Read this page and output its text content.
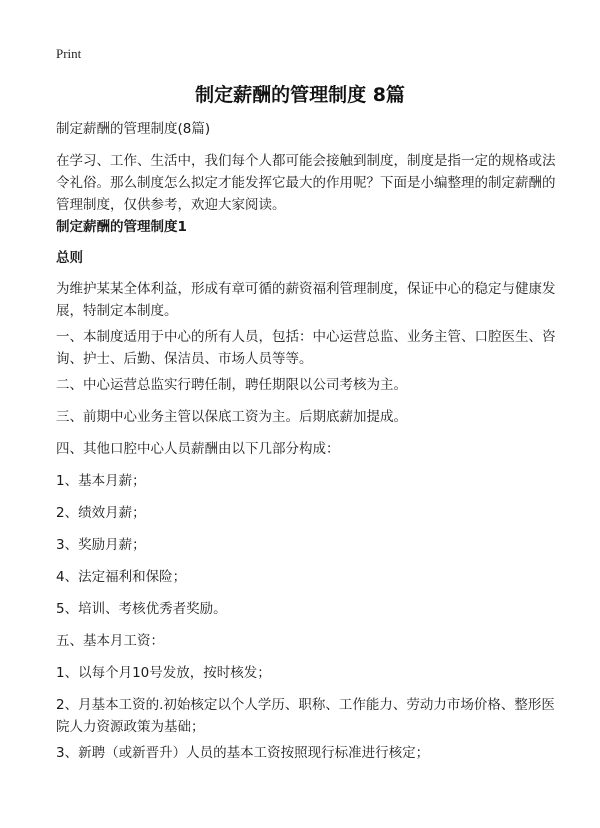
Print
制定薪酬的管理制度 8篇

制定薪酬的管理制度(8篇)

在学习、工作、生活中，我们每个人都可能会接触到制度，制度是指一定的规格或法令礼俗。那么制度怎么拟定才能发挥它最大的作用呢？下面是小编整理的制定薪酬的管理制度，仅供参考，欢迎大家阅读。

制定薪酬的管理制度1

总则

为维护某某全体利益，形成有章可循的薪资福利管理制度，保证中心的稳定与健康发展，特制定本制度。

一、本制度适用于中心的所有人员，包括：中心运营总监、业务主管、口腔医生、咨询、护士、后勤、保洁员、市场人员等等。

二、中心运营总监实行聘任制，聘任期限以公司考核为主。

三、前期中心业务主管以保底工资为主。后期底薪加提成。

四、其他口腔中心人员薪酬由以下几部分构成：

1、基本月薪；

2、绩效月薪；

3、奖励月薪；

4、法定福利和保险；

5、培训、考核优秀者奖励。

五、基本月工资：

1、以每个月10号发放，按时核发；

2、月基本工资的.初始核定以个人学历、职称、工作能力、劳动力市场价格、整形医院人力资源政策为基础；

3、新聘（或新晋升）人员的基本工资按照现行标准进行核定；
